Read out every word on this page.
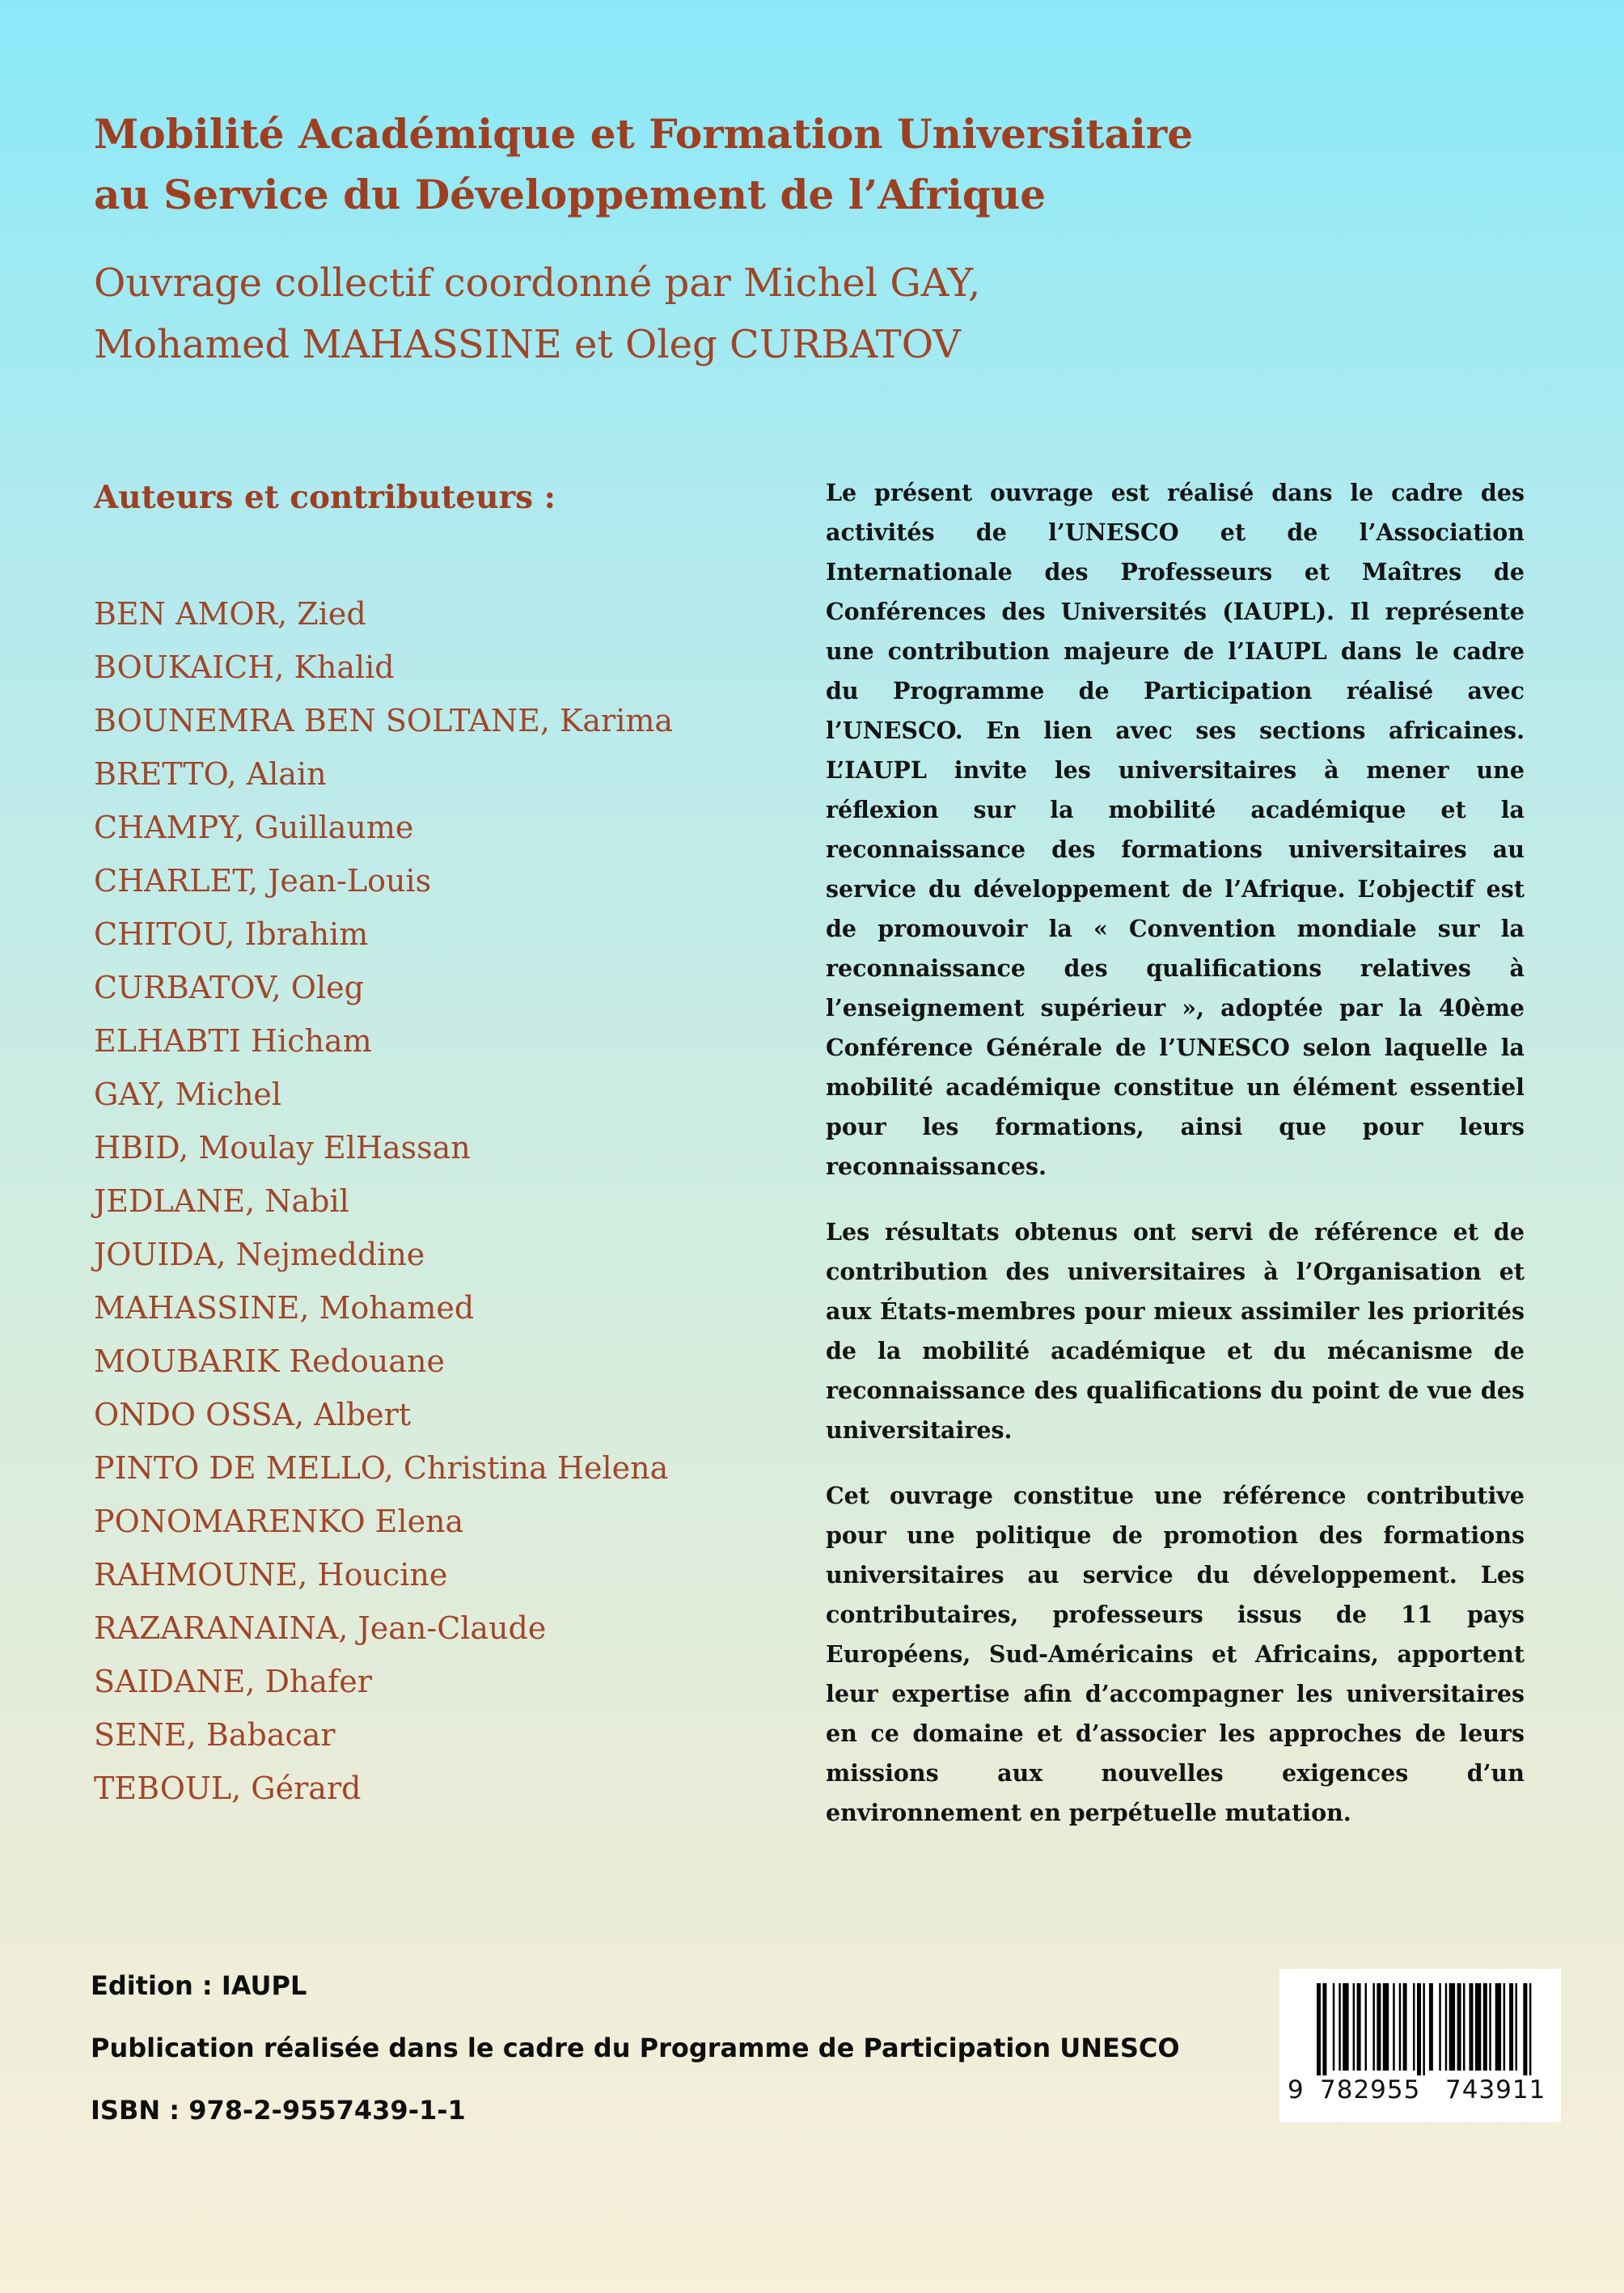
Mobilité Académique et Formation Universitaire
au Service du Développement de l’Afrique
Ouvrage collectif coordonné par Michel GAY,
Mohamed MAHASSINE et Oleg CURBATOV
Auteurs et contributeurs :
BEN AMOR, Zied
BOUKAICH, Khalid
BOUNEMRA BEN SOLTANE, Karima
BRETTO, Alain
CHAMPY, Guillaume
CHARLET, Jean-Louis
CHITOU, Ibrahim
CURBATOV, Oleg
ELHABTI Hicham
GAY, Michel
HBID, Moulay ElHassan
JEDLANE, Nabil
JOUIDA, Nejmeddine
MAHASSINE, Mohamed
MOUBARIK Redouane
ONDO OSSA, Albert
PINTO DE MELLO, Christina Helena
PONOMARENKO Elena
RAHMOUNE, Houcine
RAZARANAINA, Jean-Claude
SAIDANE, Dhafer
SENE, Babacar
TEBOUL, Gérard

Le présent ouvrage est réalisé dans le cadre des activités de l’UNESCO et de l’Association Internationale des Professeurs et Maîtres de Conférences des Universités (IAUPL). Il représente une contribution majeure de l’IAUPL dans le cadre du Programme de Participation réalisé avec l’UNESCO. En lien avec ses sections africaines. L’IAUPL invite les universitaires à mener une réflexion sur la mobilité académique et la reconnaissance des formations universitaires au service du développement de l’Afrique. L’objectif est de promouvoir la « Convention mondiale sur la reconnaissance des qualifications relatives à l’enseignement supérieur », adoptée par la 40ème Conférence Générale de l’UNESCO selon laquelle la mobilité académique constitue un élément essentiel pour les formations, ainsi que pour leurs reconnaissances.

Les résultats obtenus ont servi de référence et de contribution des universitaires à l’Organisation et aux États-membres pour mieux assimiler les priorités de la mobilité académique et du mécanisme de reconnaissance des qualifications du point de vue des universitaires.

Cet ouvrage constitue une référence contributive pour une politique de promotion des formations universitaires au service du développement. Les contributaires, professeurs issus de 11 pays Européens, Sud-Américains et Africains, apportent leur expertise afin d’accompagner les universitaires en ce domaine et d’associer les approches de leurs missions aux nouvelles exigences d’un environnement en perpétuelle mutation.

Edition : IAUPL
Publication réalisée dans le cadre du Programme de Participation UNESCO
ISBN : 978-2-9557439-1-1
9 782955 743911
